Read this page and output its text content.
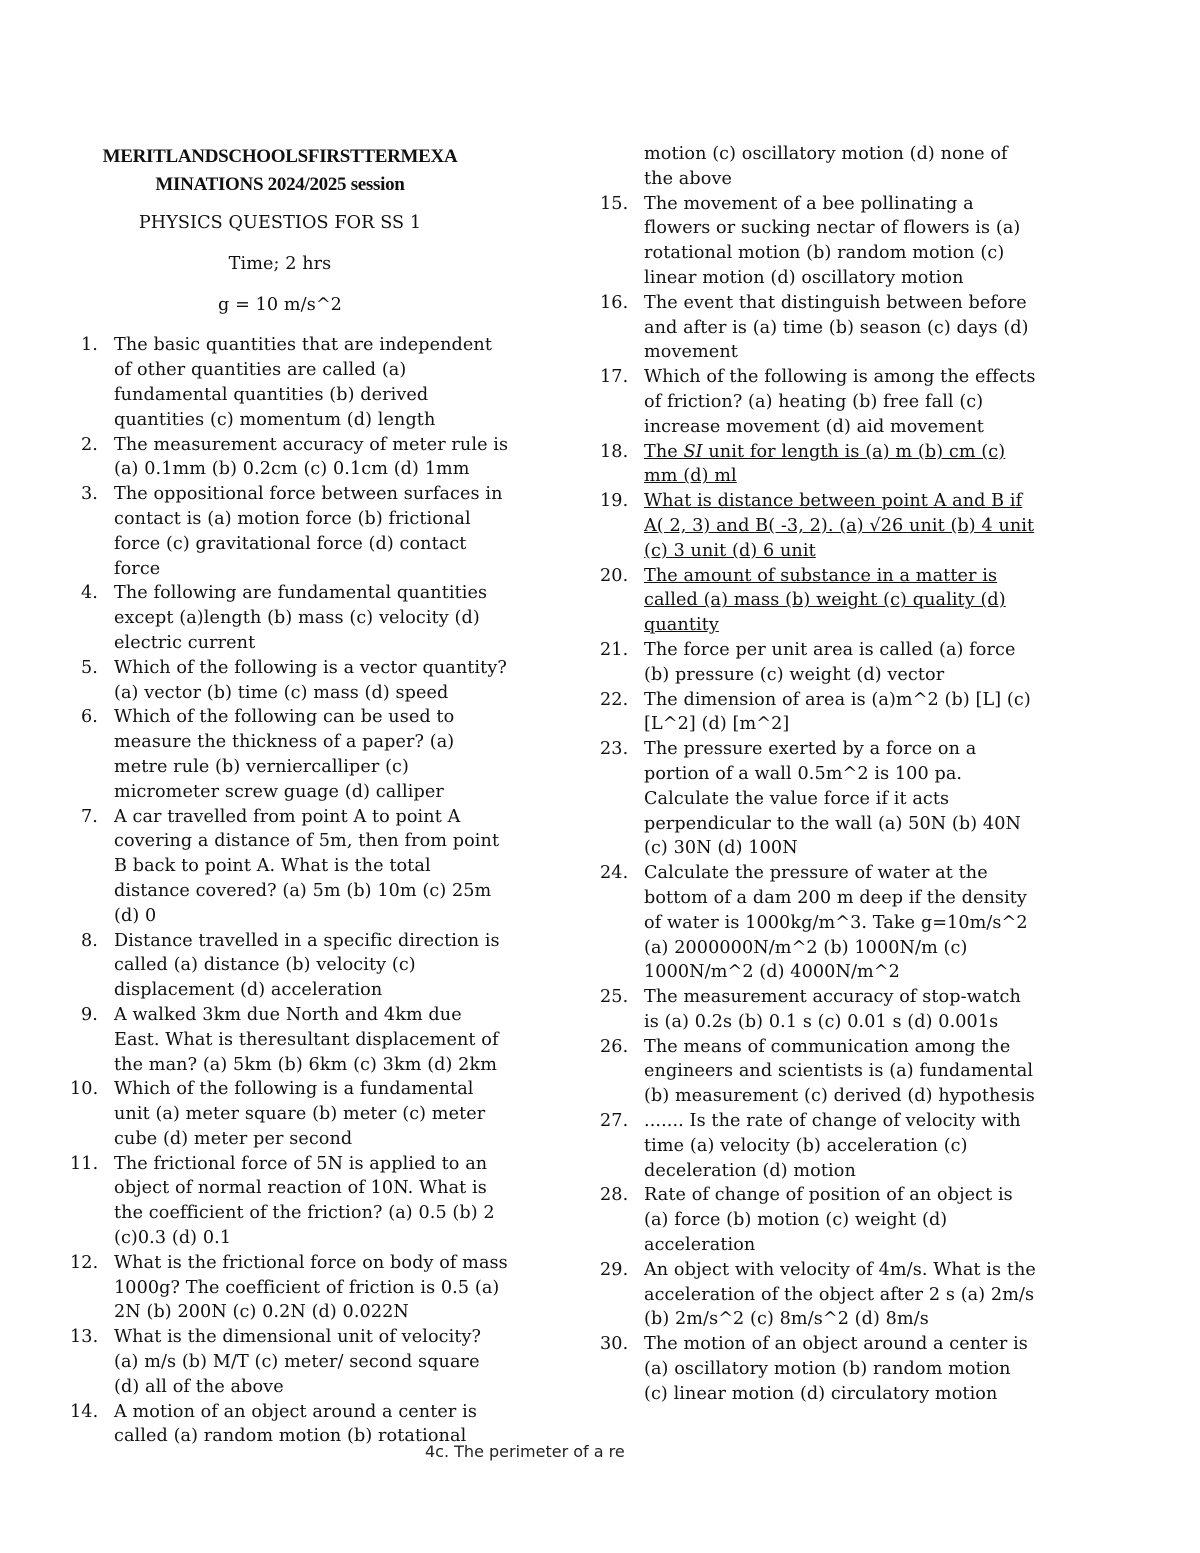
MERITLANDSCHOOLSFIRSTTERMEXA
MINATIONS 2024/2025 session
PHYSICS QUESTIOS FOR SS 1
Time; 2 hrs
g = 10 m/s^2
1. The basic quantities that are independent of other quantities are called (a) fundamental quantities (b) derived quantities (c) momentum (d) length
2. The measurement accuracy of meter rule is (a) 0.1mm (b) 0.2cm (c) 0.1cm (d) 1mm
3. The oppositional force between surfaces in contact is (a) motion force (b) frictional force (c) gravitational force (d) contact force
4. The following are fundamental quantities except (a)length (b) mass (c) velocity (d) electric current
5. Which of the following is a vector quantity? (a) vector (b) time (c) mass (d) speed
6. Which of the following can be used to measure the thickness of a paper? (a) metre rule (b) verniercalliper (c) micrometer screw guage (d) calliper
7. A car travelled from point A to point A covering a distance of 5m, then from point B back to point A. What is the total distance covered? (a) 5m (b) 10m (c) 25m (d) 0
8. Distance travelled in a specific direction is called (a) distance (b) velocity (c) displacement (d) acceleration
9. A walked 3km due North and 4km due East. What is theresultant displacement of the man? (a) 5km (b) 6km (c) 3km (d) 2km
10. Which of the following is a fundamental unit (a) meter square (b) meter (c) meter cube (d) meter per second
11. The frictional force of 5N is applied to an object of normal reaction of 10N. What is the coefficient of the friction? (a) 0.5 (b) 2 (c)0.3 (d) 0.1
12. What is the frictional force on body of mass 1000g? The coefficient of friction is 0.5 (a) 2N (b) 200N (c) 0.2N (d) 0.022N
13. What is the dimensional unit of velocity? (a) m/s (b) M/T (c) meter/ second square (d) all of the above
14. A motion of an object around a center is called (a) random motion (b) rotational
motion (c) oscillatory motion (d) none of the above
15. The movement of a bee pollinating a flowers or sucking nectar of flowers is (a) rotational motion (b) random motion (c) linear motion (d) oscillatory motion
16. The event that distinguish between before and after is (a) time (b) season (c) days (d) movement
17. Which of the following is among the effects of friction? (a) heating (b) free fall (c) increase movement (d) aid movement
18. The SI unit for length is (a) m (b) cm (c) mm (d) ml
19. What is distance between point A and B if A( 2, 3) and B( -3, 2). (a) √26 unit (b) 4 unit (c) 3 unit (d) 6 unit
20. The amount of substance in a matter is called (a) mass (b) weight (c) quality (d) quantity
21. The force per unit area is called (a) force (b) pressure (c) weight (d) vector
22. The dimension of area is (a)m^2 (b) [L] (c) [L^2] (d) [m^2]
23. The pressure exerted by a force on a portion of a wall 0.5m^2 is 100 pa. Calculate the value force if it acts perpendicular to the wall (a) 50N (b) 40N (c) 30N (d) 100N
24. Calculate the pressure of water at the bottom of a dam 200 m deep if the density of water is 1000kg/m^3. Take g=10m/s^2 (a) 2000000N/m^2 (b) 1000N/m (c) 1000N/m^2 (d) 4000N/m^2
25. The measurement accuracy of stop-watch is (a) 0.2s (b) 0.1 s (c) 0.01 s (d) 0.001s
26. The means of communication among the engineers and scientists is (a) fundamental (b) measurement (c) derived (d) hypothesis
27. ....... Is the rate of change of velocity with time (a) velocity (b) acceleration (c) deceleration (d) motion
28. Rate of change of position of an object is (a) force (b) motion (c) weight (d) acceleration
29. An object with velocity of 4m/s. What is the acceleration of the object after 2 s (a) 2m/s (b) 2m/s^2 (c) 8m/s^2 (d) 8m/s
30. The motion of an object around a center is (a) oscillatory motion (b) random motion (c) linear motion (d) circulatory motion
4c. The perimeter of a re
